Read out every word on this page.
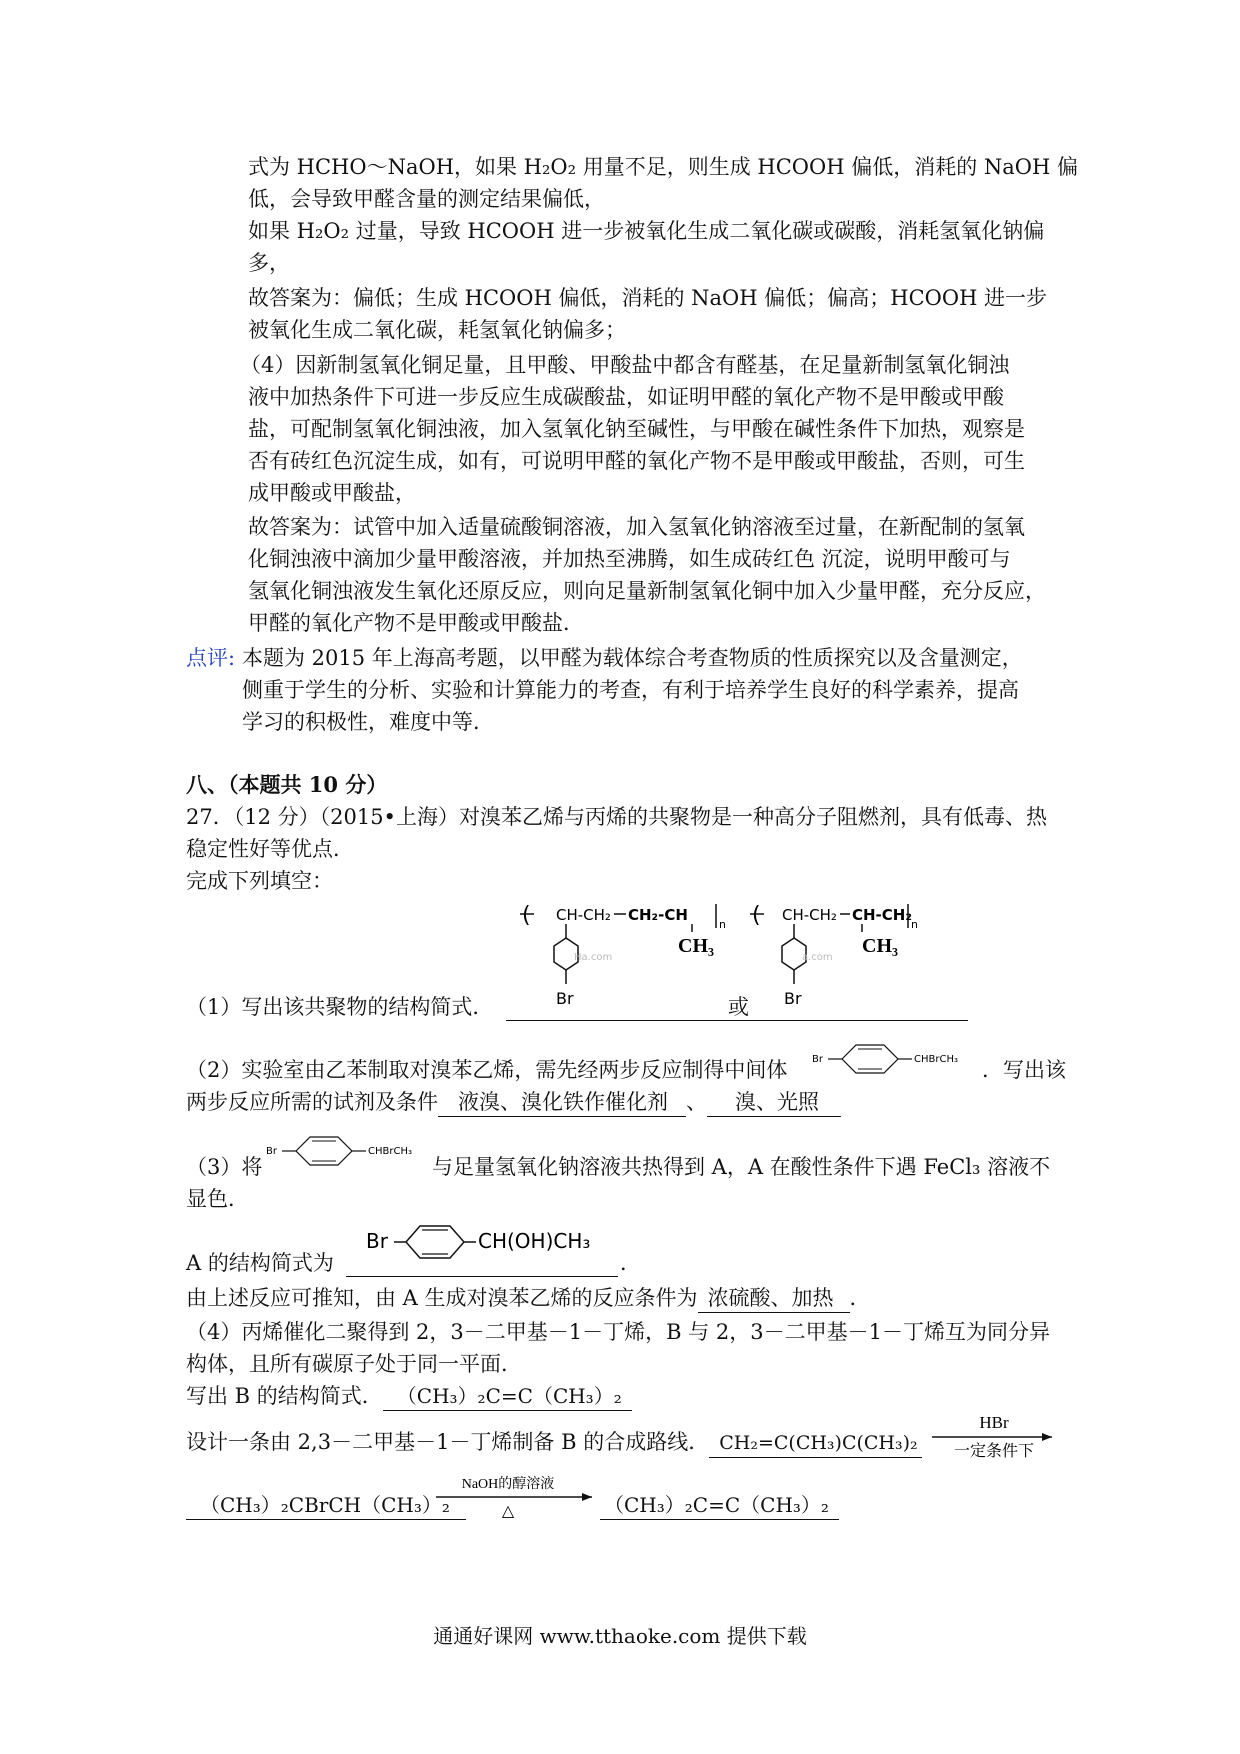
式为 HCHO～NaOH，如果 H₂O₂ 用量不足，则生成 HCOOH 偏低，消耗的 NaOH 偏
低，会导致甲醛含量的测定结果偏低，
如果 H₂O₂ 过量，导致 HCOOH 进一步被氧化生成二氧化碳或碳酸，消耗氢氧化钠偏
多，
故答案为：偏低；生成 HCOOH 偏低，消耗的 NaOH 偏低；偏高；HCOOH 进一步
被氧化生成二氧化碳，耗氢氧化钠偏多；
（4）因新制氢氧化铜足量，且甲酸、甲酸盐中都含有醛基，在足量新制氢氧化铜浊
液中加热条件下可进一步反应生成碳酸盐，如证明甲醛的氧化产物不是甲酸或甲酸
盐，可配制氢氧化铜浊液，加入氢氧化钠至碱性，与甲酸在碱性条件下加热，观察是
否有砖红色沉淀生成，如有，可说明甲醛的氧化产物不是甲酸或甲酸盐，否则，可生
成甲酸或甲酸盐，
故答案为：试管中加入适量硫酸铜溶液，加入氢氧化钠溶液至过量，在新配制的氢氧
化铜浊液中滴加少量甲酸溶液，并加热至沸腾，如生成砖红色 沉淀，说明甲酸可与
氢氧化铜浊液发生氧化还原反应，则向足量新制氢氧化铜中加入少量甲醛，充分反应，
甲醛的氧化产物不是甲酸或甲酸盐．
点评: 本题为 2015 年上海高考题，以甲醛为载体综合考查物质的性质探究以及含量测定，
侧重于学生的分析、实验和计算能力的考查，有利于培养学生良好的科学素养，提高
学习的积极性，难度中等．
八、（本题共 10 分）
27．（12 分）（2015•上海）对溴苯乙烯与丙烯的共聚物是一种高分子阻燃剂，具有低毒、热
稳定性好等优点．
完成下列填空：
( CH-CH₂ CH₂-CH
n
CH₃
Br
Ha.com
( CH-CH₂ CH-CH₂
n
CH₃
Br
a.com
（1）写出该共聚物的结构简式．	或
（2）实验室由乙苯制取对溴苯乙烯，需先经两步反应制得中间体 Br	CHBrCH₃ ．写出该
两步反应所需的试剂及条件 液溴、溴化铁作催化剂 、 溴、光照
（3）将
Br	CHBrCH₃
与足量氢氧化钠溶液共热得到 A，A 在酸性条件下遇 FeCl₃ 溶液不
显色．
A 的结构简式为
Br	CH(OH)CH₃
．
由上述反应可推知，由 A 生成对溴苯乙烯的反应条件为 浓硫酸、加热 ．
（4）丙烯催化二聚得到 2，3－二甲基－1－丁烯，B 与 2，3－二甲基－1－丁烯互为同分异
构体，且所有碳原子处于同一平面．
写出 B 的结构简式． （CH₃）₂C=C（CH₃）₂
设计一条由 2,3－二甲基－1－丁烯制备 B 的合成路线． CH₂=C(CH₃)C(CH₃)₂
HBr
一定条件下
（CH₃）₂CBrCH（CH₃）₂
NaOH的醇溶液
△	（CH₃）₂C=C（CH₃）₂
通通好课网 www.tthaoke.com 提供下载
